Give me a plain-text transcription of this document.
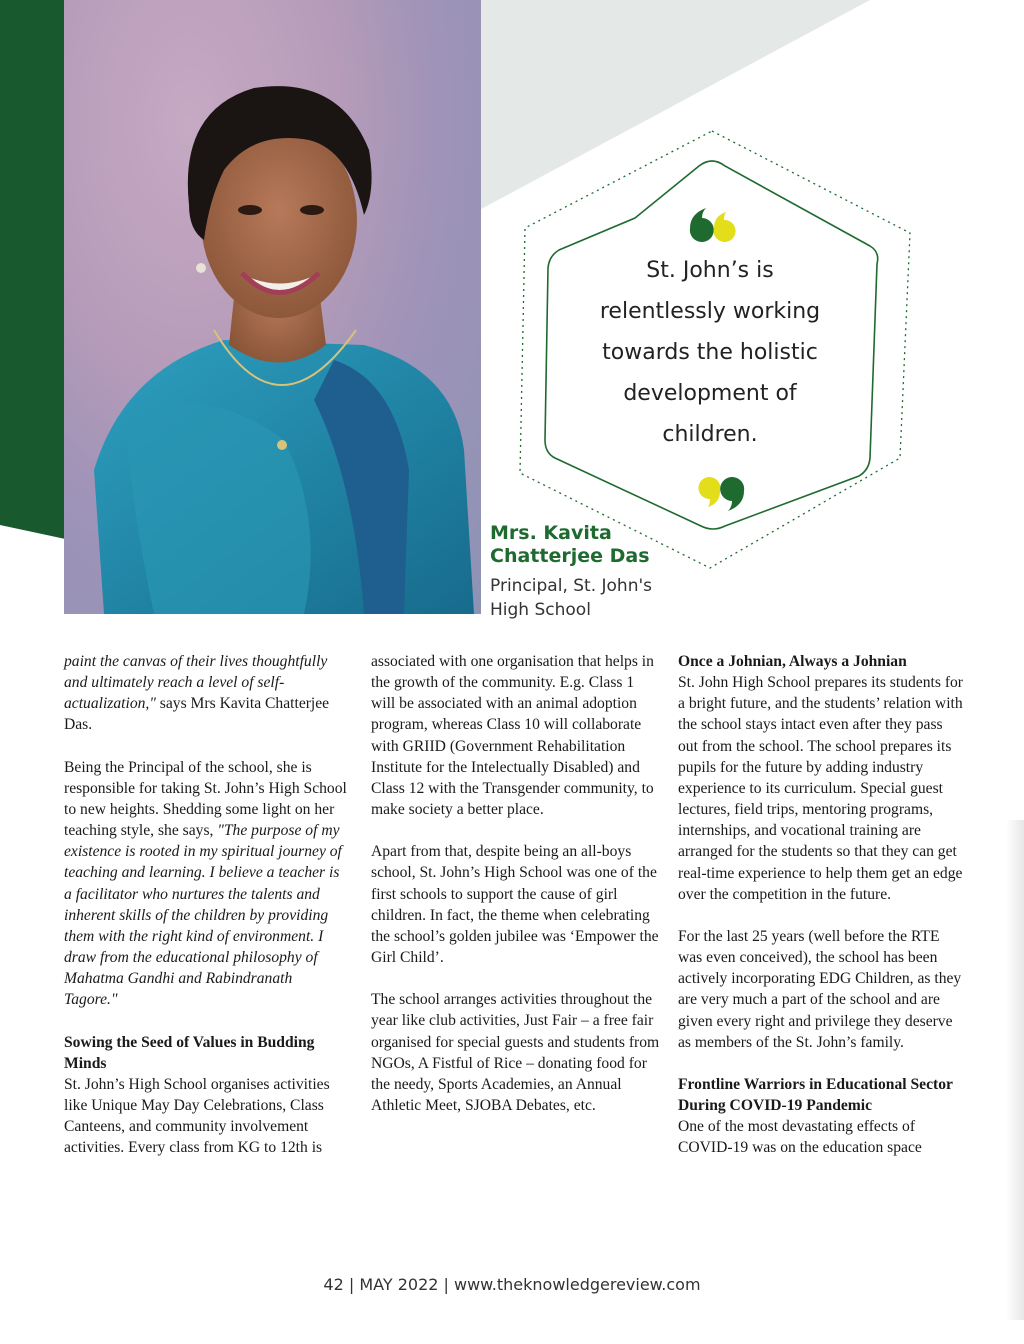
St. John’s is
relentlessly working
towards the holistic
development of
children.
Mrs. Kavita
Chatterjee Das
Principal, St. John's
High School

paint the canvas of their lives thoughtfully and ultimately reach a level of self-actualization," says Mrs Kavita Chatterjee Das.

Being the Principal of the school, she is responsible for taking St. John’s High School to new heights. Shedding some light on her teaching style, she says, "The purpose of my existence is rooted in my spiritual journey of teaching and learning. I believe a teacher is a facilitator who nurtures the talents and inherent skills of the children by providing them with the right kind of environment. I draw from the educational philosophy of Mahatma Gandhi and Rabindranath Tagore."

Sowing the Seed of Values in Budding Minds
St. John’s High School organises activities like Unique May Day Celebrations, Class Canteens, and community involvement activities. Every class from KG to 12th is

associated with one organisation that helps in the growth of the community. E.g. Class 1 will be associated with an animal adoption program, whereas Class 10 will collaborate with GRIID (Government Rehabilitation Institute for the Intelectually Disabled) and Class 12 with the Transgender community, to make society a better place.

Apart from that, despite being an all-boys school, St. John’s High School was one of the first schools to support the cause of girl children. In fact, the theme when celebrating the school’s golden jubilee was ‘Empower the Girl Child’.

The school arranges activities throughout the year like club activities, Just Fair – a free fair organised for special guests and students from NGOs, A Fistful of Rice – donating food for the needy, Sports Academies, an Annual Athletic Meet, SJOBA Debates, etc.

Once a Johnian, Always a Johnian
St. John High School prepares its students for a bright future, and the students’ relation with the school stays intact even after they pass out from the school. The school prepares its pupils for the future by adding industry experience to its curriculum. Special guest lectures, field trips, mentoring programs, internships, and vocational training are arranged for the students so that they can get real-time experience to help them get an edge over the competition in the future.

For the last 25 years (well before the RTE was even conceived), the school has been actively incorporating EDG Children, as they are very much a part of the school and are given every right and privilege they deserve as members of the St. John’s family.

Frontline Warriors in Educational Sector During COVID-19 Pandemic
One of the most devastating effects of COVID-19 was on the education space

42 | MAY 2022 | www.theknowledgereview.com
